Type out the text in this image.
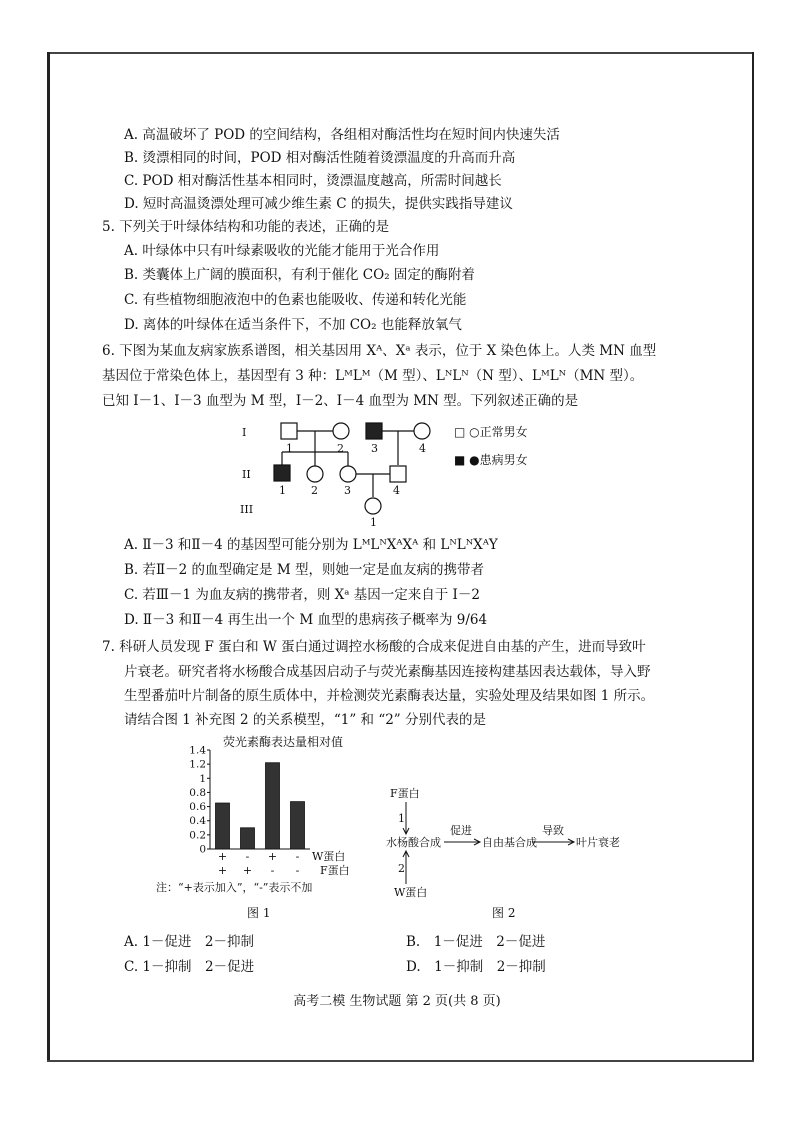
A. 高温破坏了 POD 的空间结构，各组相对酶活性均在短时间内快速失活
B. 烫漂相同的时间，POD 相对酶活性随着烫漂温度的升高而升高
C. POD 相对酶活性基本相同时，烫漂温度越高，所需时间越长
D. 短时高温烫漂处理可减少维生素 C 的损失，提供实践指导建议
5. 下列关于叶绿体结构和功能的表述，正确的是
A. 叶绿体中只有叶绿素吸收的光能才能用于光合作用
B. 类囊体上广阔的膜面积，有利于催化 CO₂ 固定的酶附着
C. 有些植物细胞液泡中的色素也能吸收、传递和转化光能
D. 离体的叶绿体在适当条件下，不加 CO₂ 也能释放氧气
6. 下图为某血友病家族系谱图，相关基因用 Xᴬ、Xᵃ 表示，位于 X 染色体上。人类 MN 血型
基因位于常染色体上，基因型有 3 种：LᴹLᴹ（M 型）、LᴺLᴺ（N 型）、LᴹLᴺ（MN 型）。
已知 I－1、I－3 血型为 M 型，I－2、I－4 血型为 MN 型。下列叙述正确的是
I
II
III
1	2 3	4
1 2 3	4
1
□ ○正常男女
■ ●患病男女
A. Ⅱ－3 和Ⅱ－4 的基因型可能分别为 LᴹLᴺXᴬXᴬ 和 LᴺLᴺXᴬY
B. 若Ⅱ－2 的血型确定是 M 型，则她一定是血友病的携带者
C. 若Ⅲ－1 为血友病的携带者，则 Xᵃ 基因一定来自于 I－2
D. Ⅱ－3 和Ⅱ－4 再生出一个 M 血型的患病孩子概率为 9/64
7. 科研人员发现 F 蛋白和 W 蛋白通过调控水杨酸的合成来促进自由基的产生，进而导致叶
片衰老。研究者将水杨酸合成基因启动子与荧光素酶基因连接构建基因表达载体，导入野
生型番茄叶片制备的原生质体中，并检测荧光素酶表达量，实验处理及结果如图 1 所示。
请结合图 1 补充图 2 的关系模型，“1” 和 “2” 分别代表的是
0
0.2
0.4
0.6
0.8
1
1.2
1.4
+
+
-
+
+
-
-
-
荧光素酶表达量相对值
W蛋白
F蛋白
注：“+表示加入”，“-”表示不加
图 1
F蛋白
1
水杨酸合成
促进
自由基合成
导致
叶片衰老
2
W蛋白
图 2
A. 1－促进　2－抑制	B.　1－促进　2－促进
C. 1－抑制　2－促进	D.　1－抑制　2－抑制
高考二模 生物试题 第 2 页(共 8 页)
